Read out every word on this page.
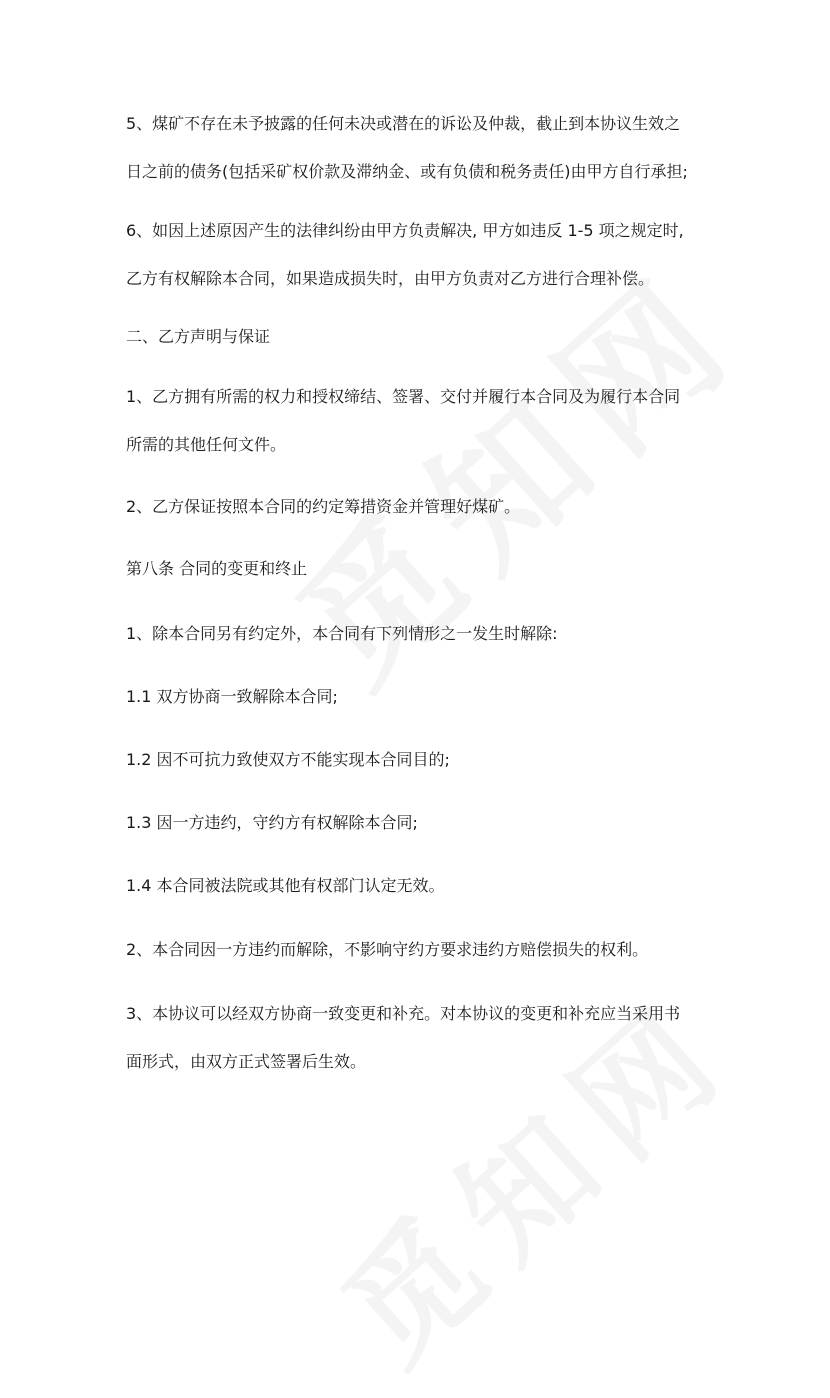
5、煤矿不存在未予披露的任何未决或潜在的诉讼及仲裁，截止到本协议生效之
日之前的债务(包括采矿权价款及滞纳金、或有负债和税务责任)由甲方自行承担;
6、如因上述原因产生的法律纠纷由甲方负责解决, 甲方如违反 1-5 项之规定时,
乙方有权解除本合同，如果造成损失时，由甲方负责对乙方进行合理补偿。
二、乙方声明与保证
1、乙方拥有所需的权力和授权缔结、签署、交付并履行本合同及为履行本合同
所需的其他任何文件。
2、乙方保证按照本合同的约定筹措资金并管理好煤矿。
第八条 合同的变更和终止
1、除本合同另有约定外，本合同有下列情形之一发生时解除:
1.1 双方协商一致解除本合同;
1.2 因不可抗力致使双方不能实现本合同目的;
1.3 因一方违约，守约方有权解除本合同;
1.4 本合同被法院或其他有权部门认定无效。
2、本合同因一方违约而解除，不影响守约方要求违约方赔偿损失的权利。
3、本协议可以经双方协商一致变更和补充。对本协议的变更和补充应当采用书
面形式，由双方正式签署后生效。
